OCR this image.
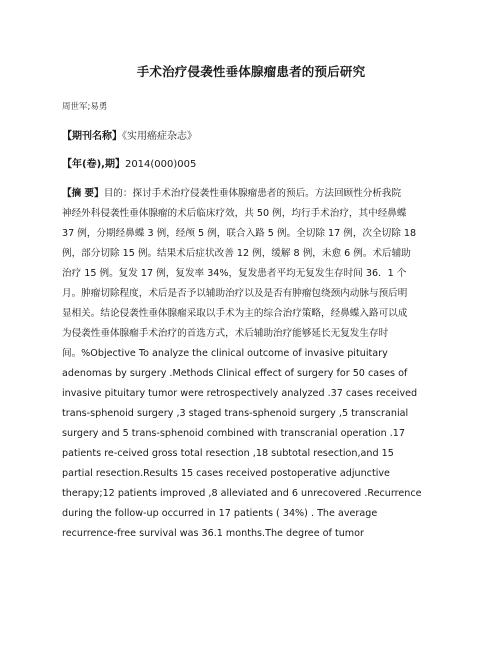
手术治疗侵袭性垂体腺瘤患者的预后研究
周世军;易勇
【期刊名称】《实用癌症杂志》
【年(卷),期】2014(000)005
【摘 要】目的：探讨手术治疗侵袭性垂体腺瘤患者的预后。方法回顾性分析我院
神经外科侵袭性垂体腺瘤的术后临床疗效，共 50 例，均行手术治疗，其中经鼻蝶
37 例，分期经鼻蝶 3 例，经颅 5 例，联合入路 5 例。全切除 17 例，次全切除 18
例，部分切除 15 例。结果术后症状改善 12 例，缓解 8 例，未愈 6 例。术后辅助
治疗 15 例。复发 17 例，复发率 34%，复发患者平均无复发生存时间 36．1 个
月。肿瘤切除程度，术后是否予以辅助治疗以及是否有肿瘤包绕颈内动脉与预后明
显相关。结论侵袭性垂体腺瘤采取以手术为主的综合治疗策略，经鼻蝶入路可以成
为侵袭性垂体腺瘤手术治疗的首选方式，术后辅助治疗能够延长无复发生存时
间。%Objective To analyze the clinical outcome of invasive pituitary
adenomas by surgery .Methods Clinical effect of surgery for 50 cases of
invasive pituitary tumor were retrospectively analyzed .37 cases received
trans-sphenoid surgery ,3 staged trans-sphenoid surgery ,5 transcranial
surgery and 5 trans-sphenoid combined with transcranial operation .17
patients re-ceived gross total resection ,18 subtotal resection,and 15
partial resection.Results 15 cases received postoperative adjunctive
therapy;12 patients improved ,8 alleviated and 6 unrecovered .Recurrence
during the follow-up occurred in 17 patients ( 34%) . The average
recurrence-free survival was 36.1 months.The degree of tumor
